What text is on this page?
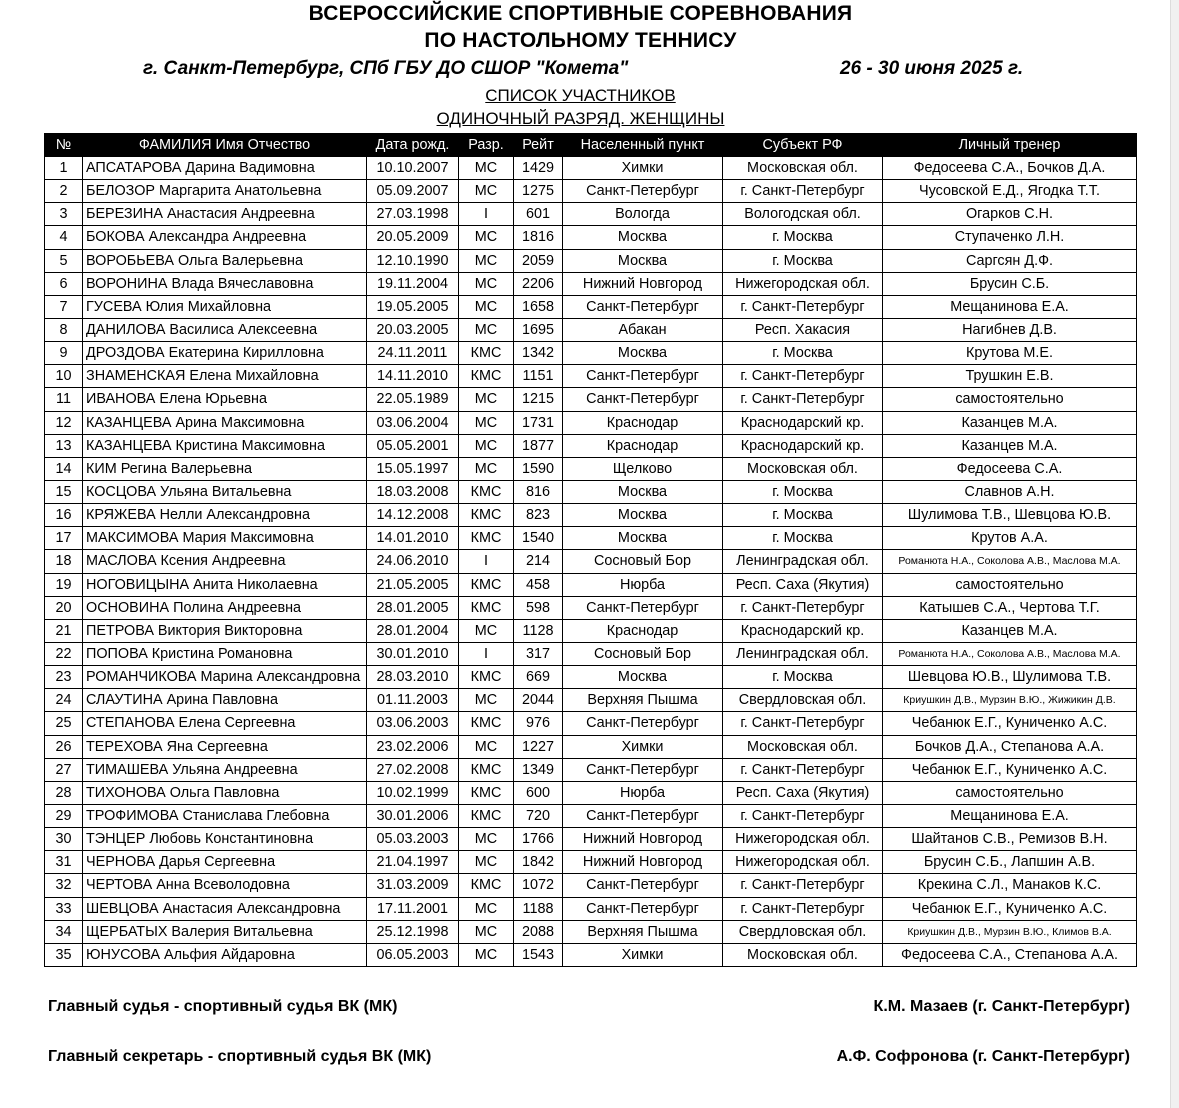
ВСЕРОССИЙСКИЕ СПОРТИВНЫЕ СОРЕВНОВАНИЯ
ПО НАСТОЛЬНОМУ ТЕННИСУ
г. Санкт-Петербург, СПб ГБУ ДО СШОР "Комета"	26 - 30 июня 2025 г.
СПИСОК УЧАСТНИКОВ
ОДИНОЧНЫЙ РАЗРЯД. ЖЕНЩИНЫ
№	ФАМИЛИЯ Имя Отчество	Дата рожд.	Разр.	Рейт	Населенный пункт	Субъект РФ	Личный тренер
1	АПСАТАРОВА Дарина Вадимовна	10.10.2007	МС	1429	Химки	Московская обл.	Федосеева С.А., Бочков Д.А.
2	БЕЛОЗОР Маргарита Анатольевна	05.09.2007	МС	1275	Санкт-Петербург	г. Санкт-Петербург	Чусовской Е.Д., Ягодка Т.Т.
3	БЕРЕЗИНА Анастасия Андреевна	27.03.1998	I	601	Вологда	Вологодская обл.	Огарков С.Н.
4	БОКОВА Александра Андреевна	20.05.2009	МС	1816	Москва	г. Москва	Ступаченко Л.Н.
5	ВОРОБЬЕВА Ольга Валерьевна	12.10.1990	МС	2059	Москва	г. Москва	Саргсян Д.Ф.
6	ВОРОНИНА Влада Вячеславовна	19.11.2004	МС	2206	Нижний Новгород	Нижегородская обл.	Брусин С.Б.
7	ГУСЕВА Юлия Михайловна	19.05.2005	МС	1658	Санкт-Петербург	г. Санкт-Петербург	Мещанинова Е.А.
8	ДАНИЛОВА Василиса Алексеевна	20.03.2005	МС	1695	Абакан	Респ. Хакасия	Нагибнев Д.В.
9	ДРОЗДОВА Екатерина Кирилловна	24.11.2011	КМС	1342	Москва	г. Москва	Крутова М.Е.
10	ЗНАМЕНСКАЯ Елена Михайловна	14.11.2010	КМС	1151	Санкт-Петербург	г. Санкт-Петербург	Трушкин Е.В.
11	ИВАНОВА Елена Юрьевна	22.05.1989	МС	1215	Санкт-Петербург	г. Санкт-Петербург	самостоятельно
12	КАЗАНЦЕВА Арина Максимовна	03.06.2004	МС	1731	Краснодар	Краснодарский кр.	Казанцев М.А.
13	КАЗАНЦЕВА Кристина Максимовна	05.05.2001	МС	1877	Краснодар	Краснодарский кр.	Казанцев М.А.
14	КИМ Регина Валерьевна	15.05.1997	МС	1590	Щелково	Московская обл.	Федосеева С.А.
15	КОСЦОВА Ульяна Витальевна	18.03.2008	КМС	816	Москва	г. Москва	Славнов А.Н.
16	КРЯЖЕВА Нелли Александровна	14.12.2008	КМС	823	Москва	г. Москва	Шулимова Т.В., Шевцова Ю.В.
17	МАКСИМОВА Мария Максимовна	14.01.2010	КМС	1540	Москва	г. Москва	Крутов А.А.
18	МАСЛОВА Ксения Андреевна	24.06.2010	I	214	Сосновый Бор	Ленинградская обл.	Романюта Н.А., Соколова А.В., Маслова М.А.
19	НОГОВИЦЫНА Анита Николаевна	21.05.2005	КМС	458	Нюрба	Респ. Саха (Якутия)	самостоятельно
20	ОСНОВИНА Полина Андреевна	28.01.2005	КМС	598	Санкт-Петербург	г. Санкт-Петербург	Катышев С.А., Чертова Т.Г.
21	ПЕТРОВА Виктория Викторовна	28.01.2004	МС	1128	Краснодар	Краснодарский кр.	Казанцев М.А.
22	ПОПОВА Кристина Романовна	30.01.2010	I	317	Сосновый Бор	Ленинградская обл.	Романюта Н.А., Соколова А.В., Маслова М.А.
23	РОМАНЧИКОВА Марина Александровна	28.03.2010	КМС	669	Москва	г. Москва	Шевцова Ю.В., Шулимова Т.В.
24	СЛАУТИНА Арина Павловна	01.11.2003	МС	2044	Верхняя Пышма	Свердловская обл.	Криушкин Д.В., Мурзин В.Ю., Жижикин Д.В.
25	СТЕПАНОВА Елена Сергеевна	03.06.2003	КМС	976	Санкт-Петербург	г. Санкт-Петербург	Чебанюк Е.Г., Куниченко А.С.
26	ТЕРЕХОВА Яна Сергеевна	23.02.2006	МС	1227	Химки	Московская обл.	Бочков Д.А., Степанова А.А.
27	ТИМАШЕВА Ульяна Андреевна	27.02.2008	КМС	1349	Санкт-Петербург	г. Санкт-Петербург	Чебанюк Е.Г., Куниченко А.С.
28	ТИХОНОВА Ольга Павловна	10.02.1999	КМС	600	Нюрба	Респ. Саха (Якутия)	самостоятельно
29	ТРОФИМОВА Станислава Глебовна	30.01.2006	КМС	720	Санкт-Петербург	г. Санкт-Петербург	Мещанинова Е.А.
30	ТЭНЦЕР Любовь Константиновна	05.03.2003	МС	1766	Нижний Новгород	Нижегородская обл.	Шайтанов С.В., Ремизов В.Н.
31	ЧЕРНОВА Дарья Сергеевна	21.04.1997	МС	1842	Нижний Новгород	Нижегородская обл.	Брусин С.Б., Лапшин А.В.
32	ЧЕРТОВА Анна Всеволодовна	31.03.2009	КМС	1072	Санкт-Петербург	г. Санкт-Петербург	Крекина С.Л., Манаков К.С.
33	ШЕВЦОВА Анастасия Александровна	17.11.2001	МС	1188	Санкт-Петербург	г. Санкт-Петербург	Чебанюк Е.Г., Куниченко А.С.
34	ЩЕРБАТЫХ Валерия Витальевна	25.12.1998	МС	2088	Верхняя Пышма	Свердловская обл.	Криушкин Д.В., Мурзин В.Ю., Климов В.А.
35	ЮНУСОВА Альфия Айдаровна	06.05.2003	МС	1543	Химки	Московская обл.	Федосеева С.А., Степанова А.А.
Главный судья - спортивный судья ВК (МК)	К.М. Мазаев (г. Санкт-Петербург)
Главный секретарь - спортивный судья ВК (МК)	А.Ф. Софронова (г. Санкт-Петербург)
